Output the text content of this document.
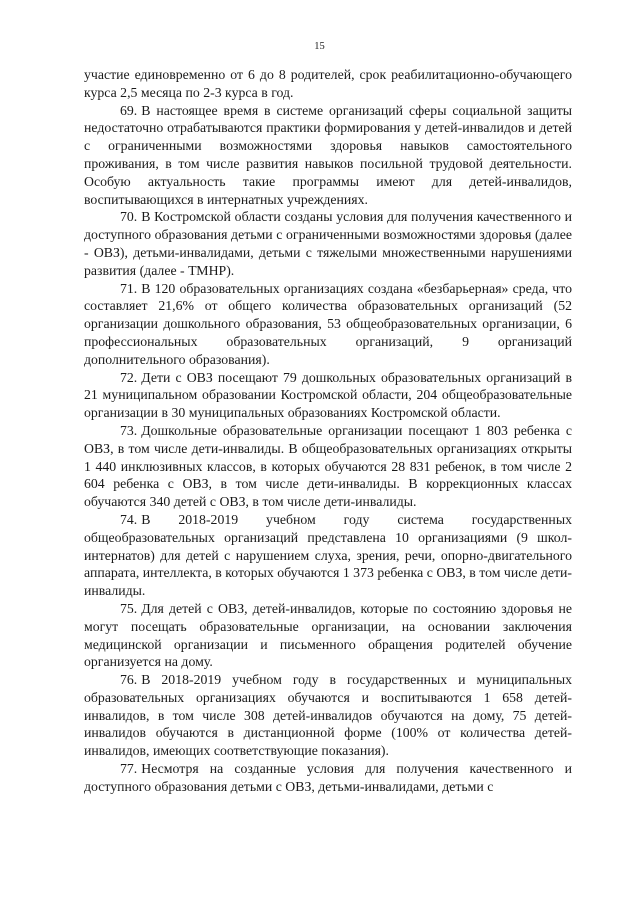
15

участие единовременно от 6 до 8 родителей, срок реабилитационно-обучающего курса 2,5 месяца по 2-3 курса в год.

69. В настоящее время в системе организаций сферы социальной защиты недостаточно отрабатываются практики формирования у детей-инвалидов и детей с ограниченными возможностями здоровья навыков самостоятельного проживания, в том числе развития навыков посильной трудовой деятельности. Особую актуальность такие программы имеют для детей-инвалидов, воспитывающихся в интернатных учреждениях.

70. В Костромской области созданы условия для получения качественного и доступного образования детьми с ограниченными возможностями здоровья (далее - ОВЗ), детьми-инвалидами, детьми с тяжелыми множественными нарушениями развития (далее - ТМНР).

71. В 120 образовательных организациях создана «безбарьерная» среда, что составляет 21,6% от общего количества образовательных организаций (52 организации дошкольного образования, 53 общеобразовательных организации, 6 профессиональных образовательных организаций, 9 организаций дополнительного образования).

72. Дети с ОВЗ посещают 79 дошкольных образовательных организаций в 21 муниципальном образовании Костромской области, 204 общеобразовательные организации в 30 муниципальных образованиях Костромской области.

73. Дошкольные образовательные организации посещают 1 803 ребенка с ОВЗ, в том числе дети-инвалиды. В общеобразовательных организациях открыты 1 440 инклюзивных классов, в которых обучаются 28 831 ребенок, в том числе 2 604 ребенка с ОВЗ, в том числе дети-инвалиды. В коррекционных классах обучаются 340 детей с ОВЗ, в том числе дети-инвалиды.

74. В 2018-2019 учебном году система государственных общеобразовательных организаций представлена 10 организациями (9 школ-интернатов) для детей с нарушением слуха, зрения, речи, опорно-двигательного аппарата, интеллекта, в которых обучаются 1 373 ребенка с ОВЗ, в том числе дети-инвалиды.

75. Для детей с ОВЗ, детей-инвалидов, которые по состоянию здоровья не могут посещать образовательные организации, на основании заключения медицинской организации и письменного обращения родителей обучение организуется на дому.

76. В 2018-2019 учебном году в государственных и муниципальных образовательных организациях обучаются и воспитываются 1 658 детей-инвалидов, в том числе 308 детей-инвалидов обучаются на дому, 75 детей-инвалидов обучаются в дистанционной форме (100% от количества детей-инвалидов, имеющих соответствующие показания).

77. Несмотря на созданные условия для получения качественного и доступного образования детьми с ОВЗ, детьми-инвалидами, детьми с
